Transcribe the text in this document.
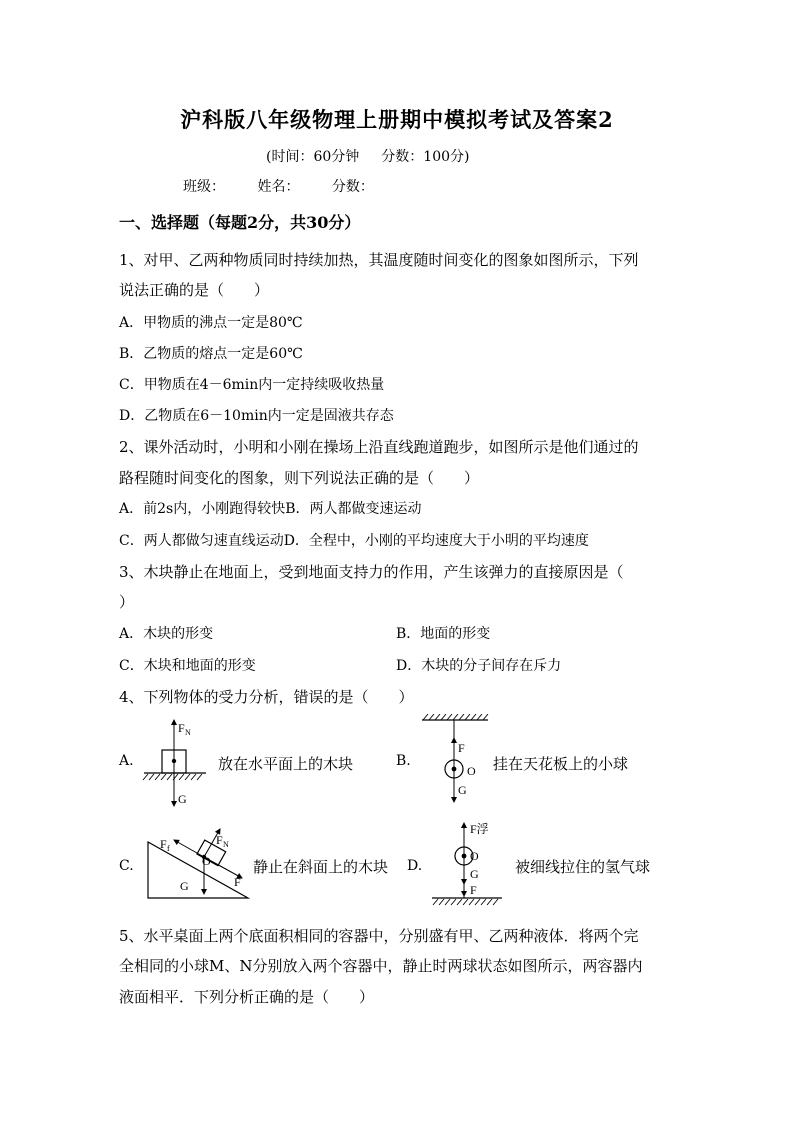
沪科版八年级物理上册期中模拟考试及答案2
(时间：60分钟 分数：100分)
班级： 姓名： 分数：
一、选择题（每题2分，共30分）
1、对甲、乙两种物质同时持续加热，其温度随时间变化的图象如图所示，下列
说法正确的是（　　）
A．甲物质的沸点一定是80℃
B．乙物质的熔点一定是60℃
C．甲物质在4－6min内一定持续吸收热量
D．乙物质在6－10min内一定是固液共存态
2、课外活动时，小明和小刚在操场上沿直线跑道跑步，如图所示是他们通过的
路程随时间变化的图象，则下列说法正确的是（　　）
A．前2s内，小刚跑得较快B．两人都做变速运动
C．两人都做匀速直线运动D．全程中，小刚的平均速度大于小明的平均速度
3、木块静止在地面上，受到地面支持力的作用，产生该弹力的直接原因是（
）
A．木块的形变	B．地面的形变
C．木块和地面的形变	D．木块的分子间存在斥力
4、下列物体的受力分析，错误的是（　　）
A.
F N
G
放在水平面上的木块	B.
F
O
G
挂在天花板上的小球
C.
F f
F N
O
G	F
静止在斜面上的木块 D.
F浮
O
G
F
被细线拉住的氢气球
5、水平桌面上两个底面积相同的容器中，分别盛有甲、乙两种液体．将两个完
全相同的小球M、N分别放入两个容器中，静止时两球状态如图所示，两容器内
液面相平．下列分析正确的是（　　）
